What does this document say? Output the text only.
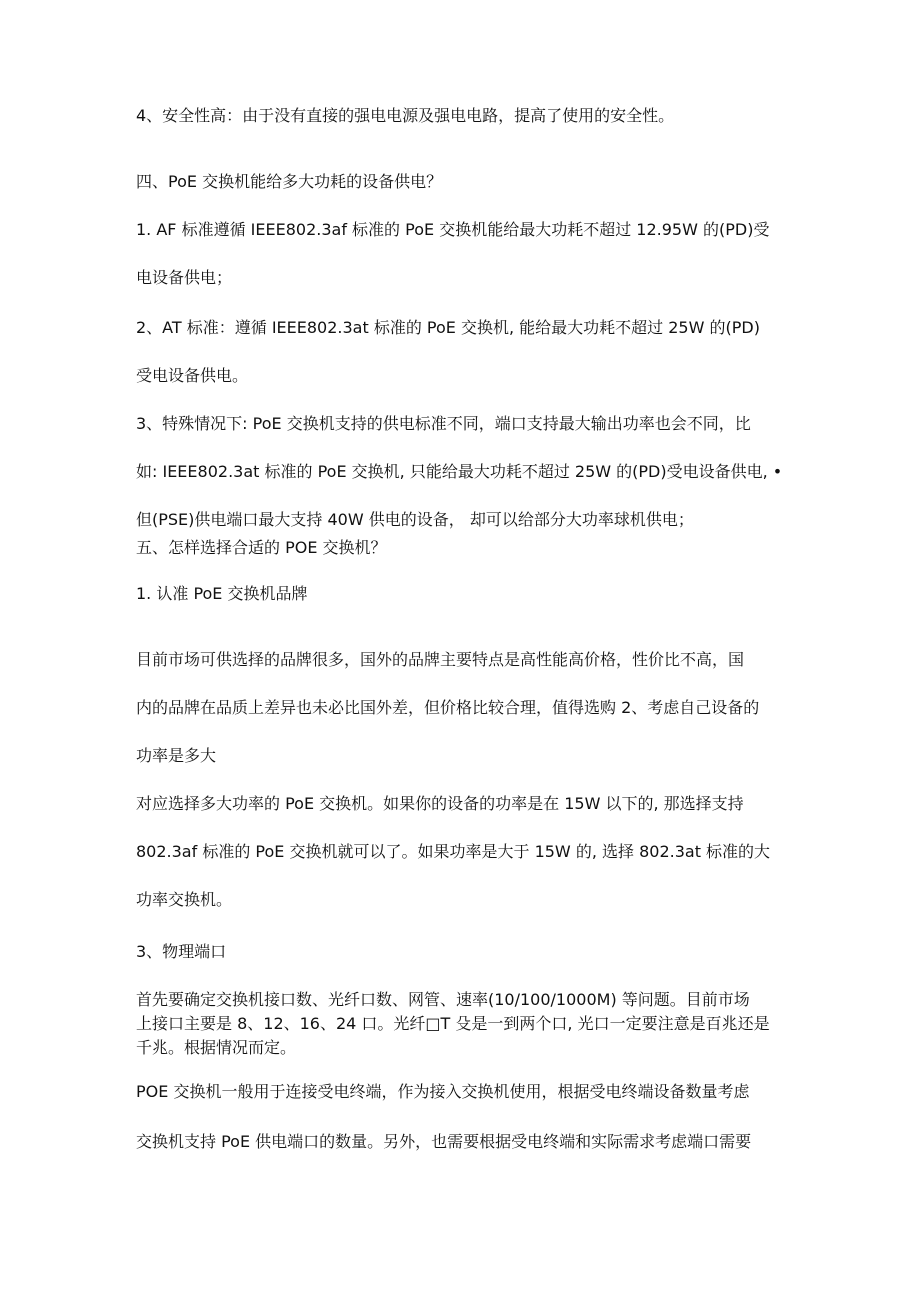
4、安全性高：由于没有直接的强电电源及强电电路，提高了使用的安全性。
四、PoE 交换机能给多大功耗的设备供电？
1. AF 标准遵循 IEEE802.3af 标准的 PoE 交换机能给最大功耗不超过 12.95W 的(PD)受
电设备供电；
2、AT 标准：遵循 IEEE802.3at 标准的 PoE 交换机, 能给最大功耗不超过 25W 的(PD)
受电设备供电。
3、特殊情况下: PoE 交换机支持的供电标准不同，端口支持最大输出功率也会不同，比
如: IEEE802.3at 标准的 PoE 交换机, 只能给最大功耗不超过 25W 的(PD)受电设备供电, •
但(PSE)供电端口最大支持 40W 供电的设备， 却可以给部分大功率球机供电；
五、怎样选择合适的 POE 交换机？
1. 认准 PoE 交换机品牌
目前市场可供选择的品牌很多，国外的品牌主要特点是高性能高价格，性价比不高，国
内的品牌在品质上差异也未必比国外差，但价格比较合理，值得选购 2、考虑自己设备的
功率是多大
对应选择多大功率的 PoE 交换机。如果你的设备的功率是在 15W 以下的, 那选择支持
802.3af 标准的 PoE 交换机就可以了。如果功率是大于 15W 的, 选择 802.3at 标准的大
功率交换机。
3、物理端口
首先要确定交换机接口数、光纤口数、网管、速率(10/100/1000M) 等问题。目前市场
上接口主要是 8、12、16、24 口。光纤□T 殳是一到两个口, 光口一定要注意是百兆还是
千兆。根据情况而定。
POE 交换机一般用于连接受电终端，作为接入交换机使用，根据受电终端设备数量考虑
交换机支持 PoE 供电端口的数量。另外，也需要根据受电终端和实际需求考虑端口需要
